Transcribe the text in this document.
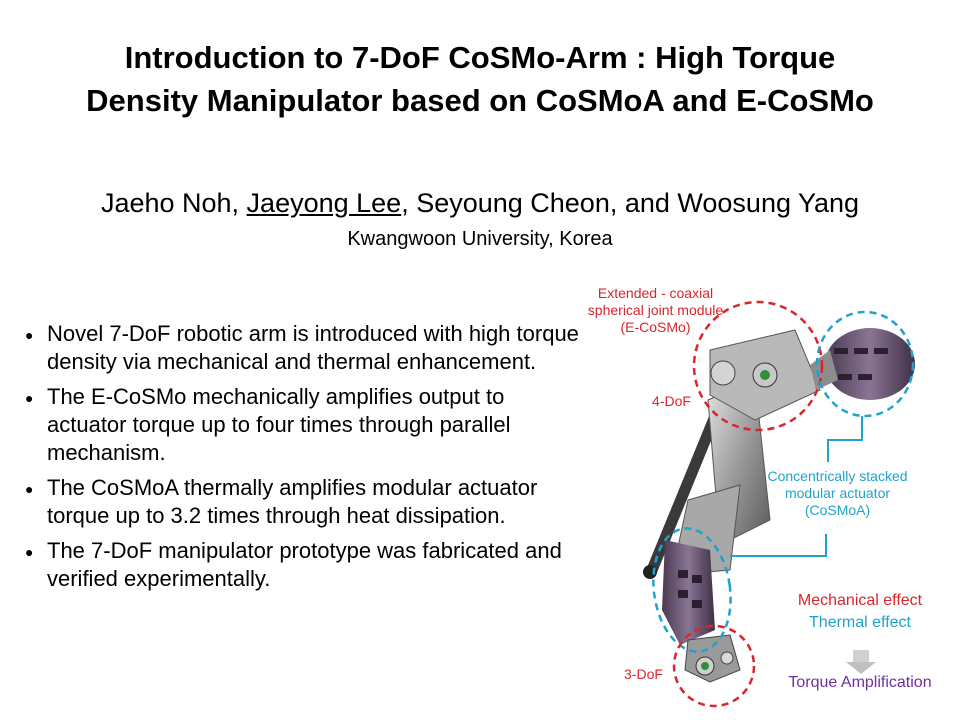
Introduction to 7-DoF CoSMo-Arm : High Torque
Density Manipulator based on CoSMoA and E-CoSMo
Jaeho Noh, Jaeyong Lee, Seyoung Cheon, and Woosung Yang
Kwangwoon University, Korea
● Novel 7-DoF robotic arm is introduced with high torque density via mechanical and thermal enhancement.
● The E-CoSMo mechanically amplifies output to actuator torque up to four times through parallel mechanism.
● The CoSMoA thermally amplifies modular actuator torque up to 3.2 times through heat dissipation.
● The 7-DoF manipulator prototype was fabricated and verified experimentally.
Extended - coaxial
spherical joint module
(E-CoSMo)
4-DoF
3-DoF
Concentrically stacked
modular actuator
(CoSMoA)
Mechanical effect
Thermal effect
Torque Amplification
